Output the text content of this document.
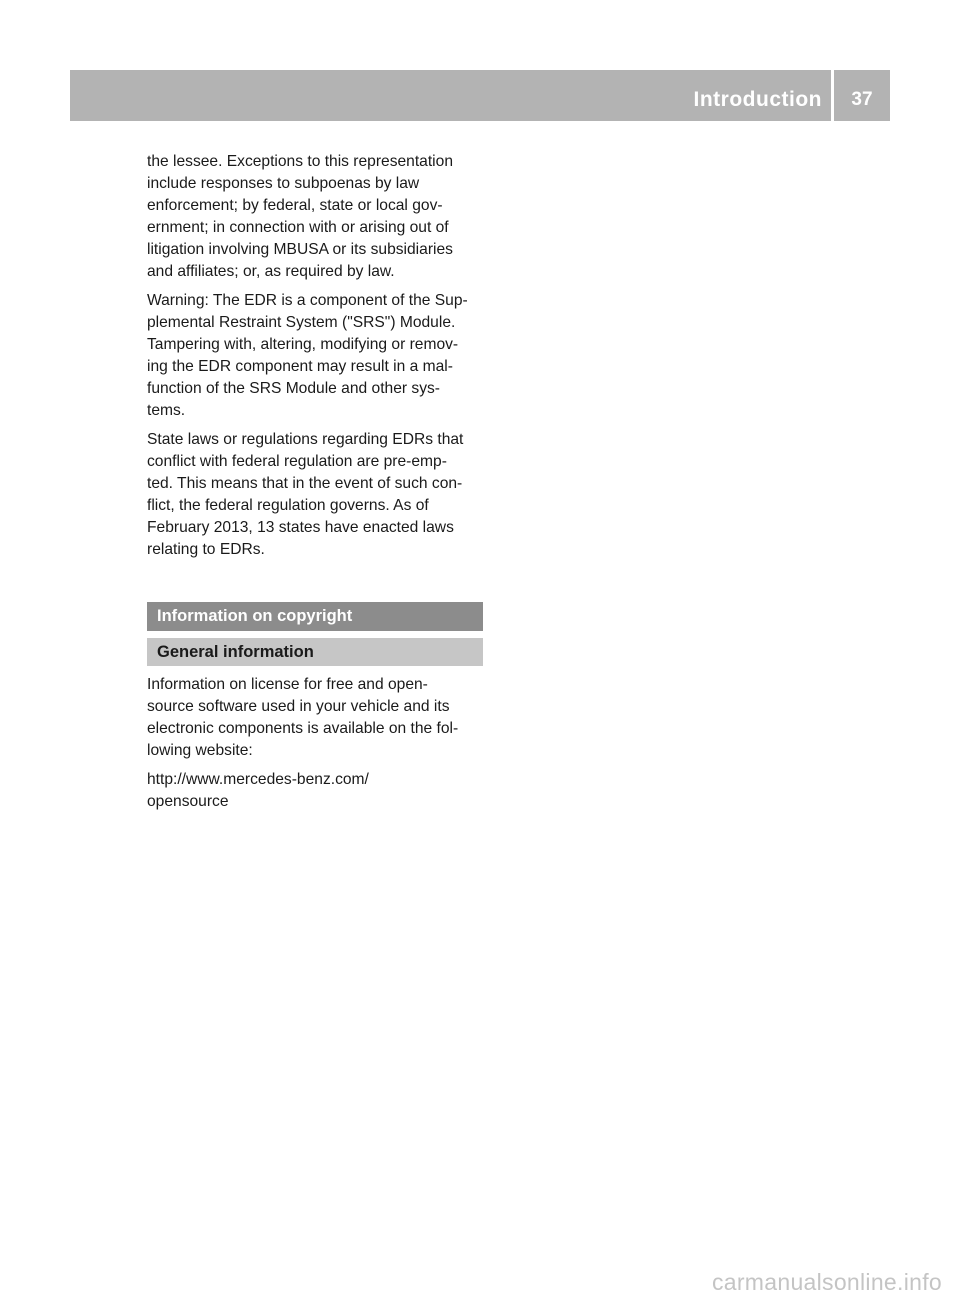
Introduction	37

the lessee. Exceptions to this representation
include responses to subpoenas by law
enforcement; by federal, state or local gov-
ernment; in connection with or arising out of
litigation involving MBUSA or its subsidiaries
and affiliates; or, as required by law.

Warning: The EDR is a component of the Sup-
plemental Restraint System ("SRS") Module.
Tampering with, altering, modifying or remov-
ing the EDR component may result in a mal-
function of the SRS Module and other sys-
tems.

State laws or regulations regarding EDRs that
conflict with federal regulation are pre-emp-
ted. This means that in the event of such con-
flict, the federal regulation governs. As of
February 2013, 13 states have enacted laws
relating to EDRs.

Information on copyright
General information

Information on license for free and open-
source software used in your vehicle and its
electronic components is available on the fol-
lowing website:

http://www.mercedes-benz.com/
opensource

carmanualsonline.info
